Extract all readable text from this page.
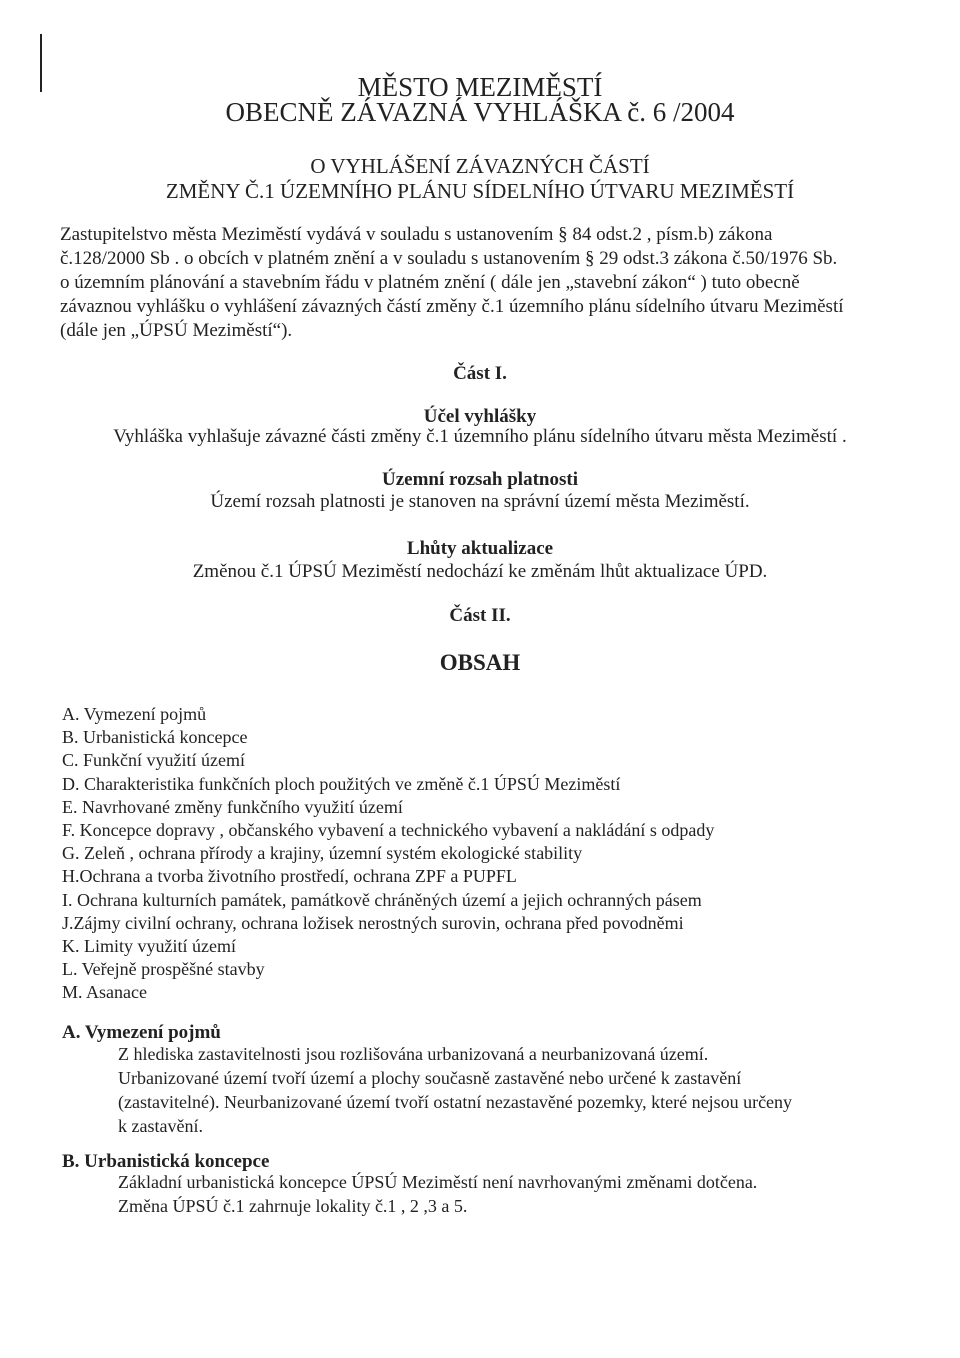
MĚSTO MEZIMĚSTÍ
OBECNĚ ZÁVAZNÁ VYHLÁŠKA č. 6 /2004
O VYHLÁŠENÍ ZÁVAZNÝCH ČÁSTÍ
ZMĚNY Č.1 ÚZEMNÍHO PLÁNU SÍDELNÍHO ÚTVARU MEZIMĚSTÍ
Zastupitelstvo města Meziměstí vydává v souladu s ustanovením § 84 odst.2 , písm.b) zákona
č.128/2000 Sb . o obcích v platném znění a v souladu s ustanovením § 29 odst.3 zákona č.50/1976 Sb.
o územním plánování a stavebním řádu v platném znění ( dále jen „stavební zákon“ ) tuto obecně
závaznou vyhlášku o vyhlášení závazných částí změny č.1 územního plánu sídelního útvaru Meziměstí
(dále jen „ÚPSÚ Meziměstí“).
Část I.
Účel vyhlášky
Vyhláška vyhlašuje závazné části změny č.1 územního plánu sídelního útvaru města Meziměstí .
Územní rozsah platnosti
Území rozsah platnosti je stanoven na správní území města Meziměstí.
Lhůty aktualizace
Změnou č.1 ÚPSÚ Meziměstí nedochází ke změnám lhůt aktualizace ÚPD.
Část II.
OBSAH
A. Vymezení pojmů
B. Urbanistická koncepce
C. Funkční využití území
D. Charakteristika funkčních ploch použitých ve změně č.1 ÚPSÚ Meziměstí
E. Navrhované změny funkčního využití území
F. Koncepce dopravy , občanského vybavení a technického vybavení a nakládání s odpady
G. Zeleň , ochrana přírody a krajiny, územní systém ekologické stability
H.Ochrana a tvorba životního prostředí, ochrana ZPF a PUPFL
I. Ochrana kulturních památek, památkově chráněných území a jejich ochranných pásem
J.Zájmy civilní ochrany, ochrana ložisek nerostných surovin, ochrana před povodněmi
K. Limity využití území
L. Veřejně prospěšné stavby
M. Asanace
A. Vymezení pojmů
Z hlediska zastavitelnosti jsou rozlišována urbanizovaná a neurbanizovaná území.
Urbanizované území tvoří území a plochy současně zastavěné nebo určené k zastavění
(zastavitelné). Neurbanizované území tvoří ostatní nezastavěné pozemky, které nejsou určeny
k zastavění.
B. Urbanistická koncepce
Základní urbanistická koncepce ÚPSÚ Meziměstí není navrhovanými změnami dotčena.
Změna ÚPSÚ č.1 zahrnuje lokality č.1 , 2 ,3 a 5.
